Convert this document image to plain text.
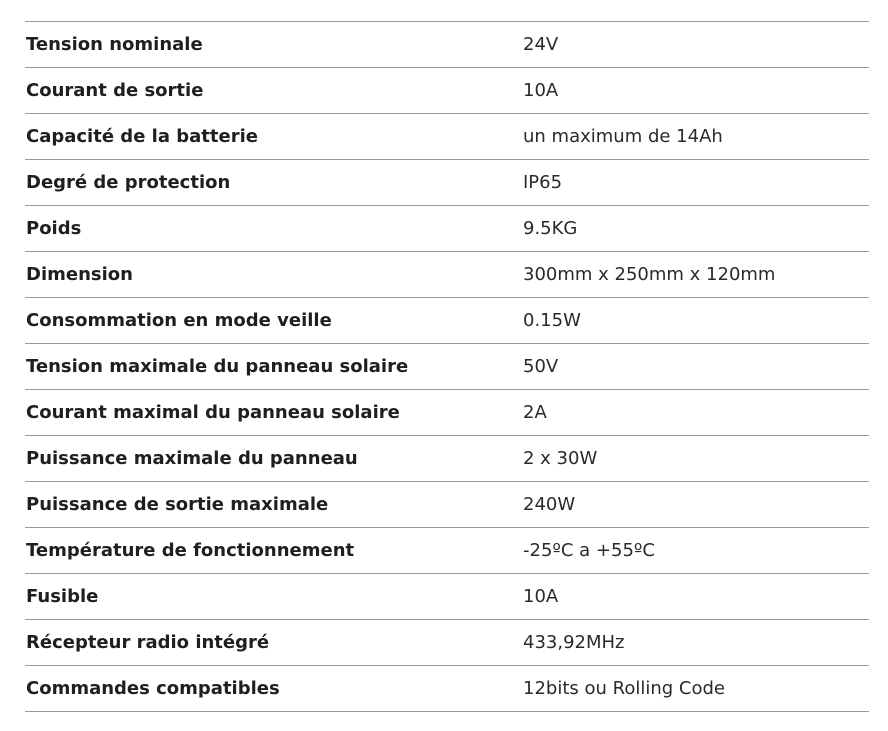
Tension nominale	24V
Courant de sortie	10A
Capacité de la batterie	un maximum de 14Ah
Degré de protection	IP65
Poids	9.5KG
Dimension	300mm x 250mm x 120mm
Consommation en mode veille	0.15W
Tension maximale du panneau solaire	50V
Courant maximal du panneau solaire	2A
Puissance maximale du panneau	2 x 30W
Puissance de sortie maximale	240W
Température de fonctionnement	-25ºC a +55ºC
Fusible	10A
Récepteur radio intégré	433,92MHz
Commandes compatibles	12bits ou Rolling Code
